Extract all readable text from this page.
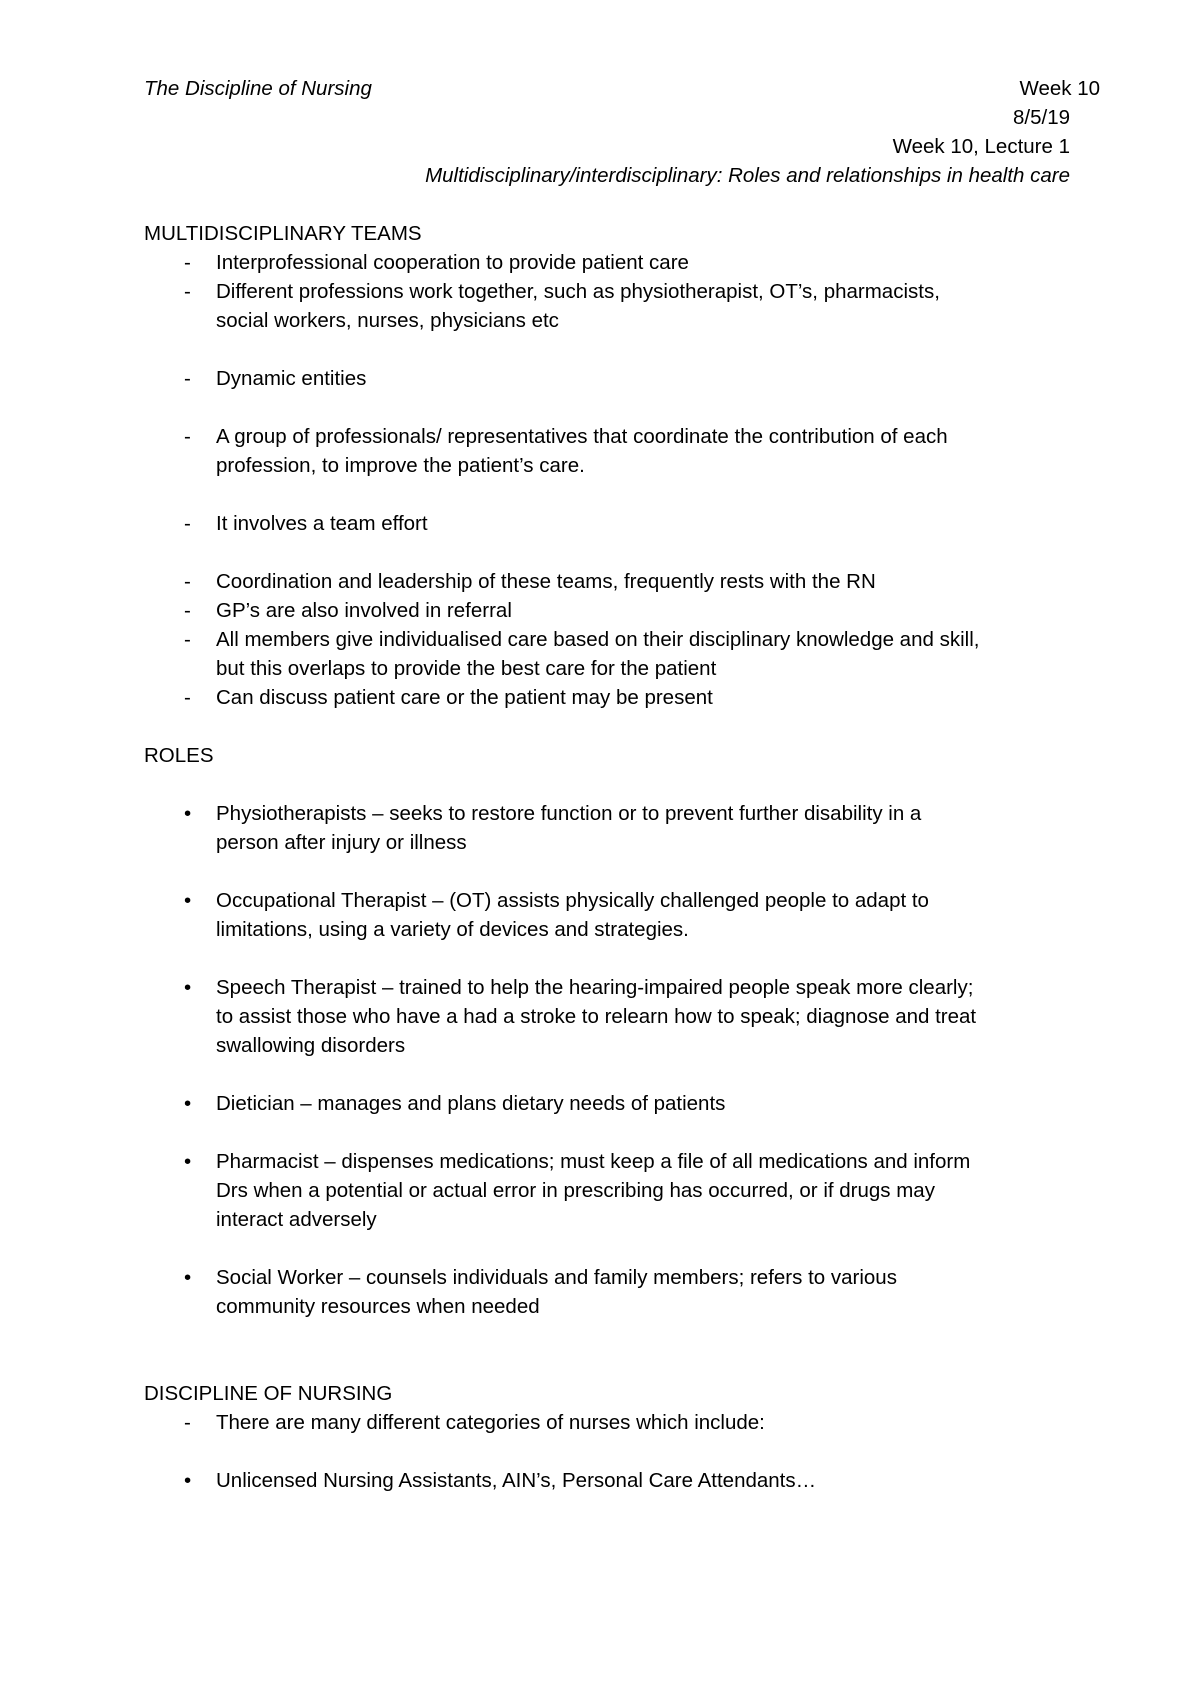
The Discipline of Nursing	Week 10
8/5/19
Week 10, Lecture 1
Multidisciplinary/interdisciplinary: Roles and relationships in health care
MULTIDISCIPLINARY TEAMS
- Interprofessional cooperation to provide patient care
- Different professions work together, such as physiotherapist, OT’s, pharmacists,
social workers, nurses, physicians etc
- Dynamic entities
- A group of professionals/ representatives that coordinate the contribution of each
profession, to improve the patient’s care.
- It involves a team effort
- Coordination and leadership of these teams, frequently rests with the RN
- GP’s are also involved in referral
- All members give individualised care based on their disciplinary knowledge and skill,
but this overlaps to provide the best care for the patient
- Can discuss patient care or the patient may be present
ROLES
• Physiotherapists – seeks to restore function or to prevent further disability in a
person after injury or illness
• Occupational Therapist – (OT) assists physically challenged people to adapt to
limitations, using a variety of devices and strategies.
• Speech Therapist – trained to help the hearing-impaired people speak more clearly;
to assist those who have a had a stroke to relearn how to speak; diagnose and treat
swallowing disorders
• Dietician – manages and plans dietary needs of patients
• Pharmacist – dispenses medications; must keep a file of all medications and inform
Drs when a potential or actual error in prescribing has occurred, or if drugs may
interact adversely
• Social Worker – counsels individuals and family members; refers to various
community resources when needed
DISCIPLINE OF NURSING
- There are many different categories of nurses which include:
• Unlicensed Nursing Assistants, AIN’s, Personal Care Attendants…
